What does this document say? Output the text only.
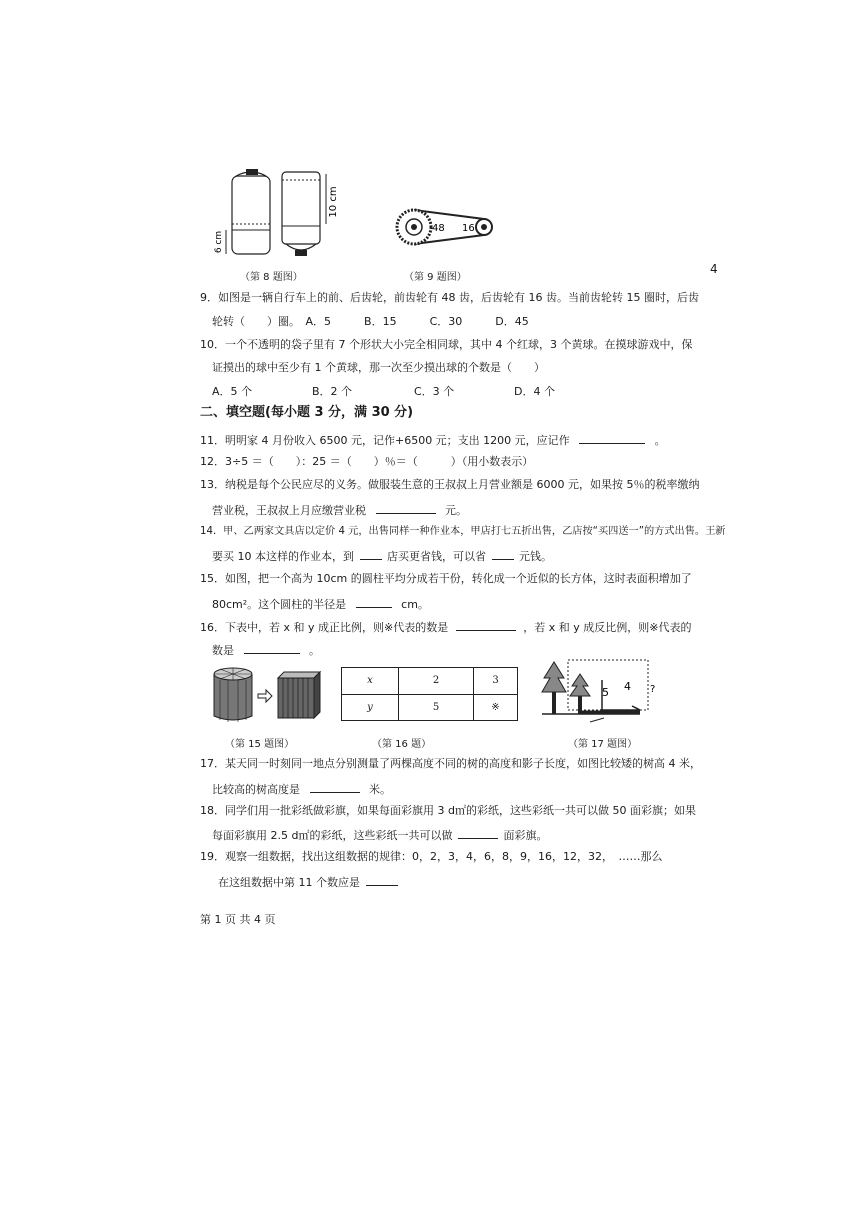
10 cm
6 cm
（第 8 题图）
48 16
（第 9 题图）
4
9．如图是一辆自行车上的前、后齿轮，前齿轮有 48 齿，后齿轮有 16 齿。当前齿轮转 15 圈时，后齿
轮转（　　）圈。　A．5　　　B．15　　　C．30　　　D．45
10．一个不透明的袋子里有 7 个形状大小完全相同球，其中 4 个红球，3 个黄球。在摸球游戏中，保
证摸出的球中至少有 1 个黄球，那一次至少摸出球的个数是（　　）
A．5 个	B．2 个	C．3 个	D．4 个
二、填空题(每小题 3 分，满 30 分)
11．明明家 4 月份收入 6500 元，记作+6500 元；支出 1200 元，应记作	。
12．3÷5 ＝（　　）：25 ＝（　　）％＝（　　　）（用小数表示）
13．纳税是每个公民应尽的义务。做服装生意的王叔叔上月营业额是 6000 元，如果按 5％的税率缴纳
营业税，王叔叔上月应缴营业税	元。
14．甲、乙两家文具店以定价 4 元，出售同样一种作业本，甲店打七五折出售，乙店按“买四送一”的方式出售。王新
要买 10 本这样的作业本，到	店买更省钱，可以省	元钱。
15．如图，把一个高为 10cm 的圆柱平均分成若干份，转化成一个近似的长方体，这时表面积增加了
80cm²。这个圆柱的半径是	cm。
16．下表中，若 x 和 y 成正比例，则※代表的数是	，若 x 和 y 成反比例，则※代表的
数是	。
（第 15 题图）
x	2	3
y	5	※
（第 16 题）
5 4 ?
（第 17 题图）
17．某天同一时刻同一地点分别测量了两棵高度不同的树的高度和影子长度，如图比较矮的树高 4 米，
比较高的树高度是	米。
18．同学们用一批彩纸做彩旗，如果每面彩旗用 3 d㎡的彩纸，这些彩纸一共可以做 50 面彩旗；如果
每面彩旗用 2.5 d㎡的彩纸，这些彩纸一共可以做	面彩旗。
19．观察一组数据，找出这组数据的规律：0，2，3，4，6，8，9，16，12，32，　……那么
在这组数据中第 11 个数应是
第 1 页 共 4 页
